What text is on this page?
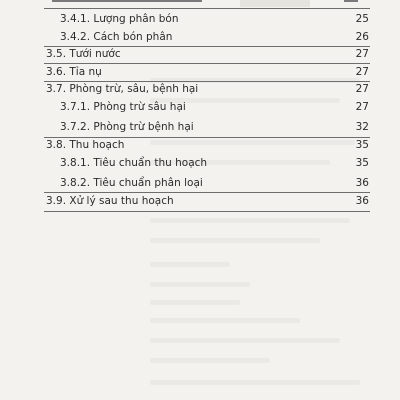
3.4.1. Lượng phân bón	25
3.4.2. Cách bón phân	26
3.5. Tưới nước	27
3.6. Tỉa nụ	27
3.7. Phòng trừ, sâu, bệnh hại	27
3.7.1. Phòng trừ sâu hại	27
3.7.2. Phòng trừ bệnh hại	32
3.8. Thu hoạch	35
3.8.1. Tiêu chuẩn thu hoạch	35
3.8.2. Tiêu chuẩn phân loại	36
3.9. Xử lý sau thu hoạch	36
